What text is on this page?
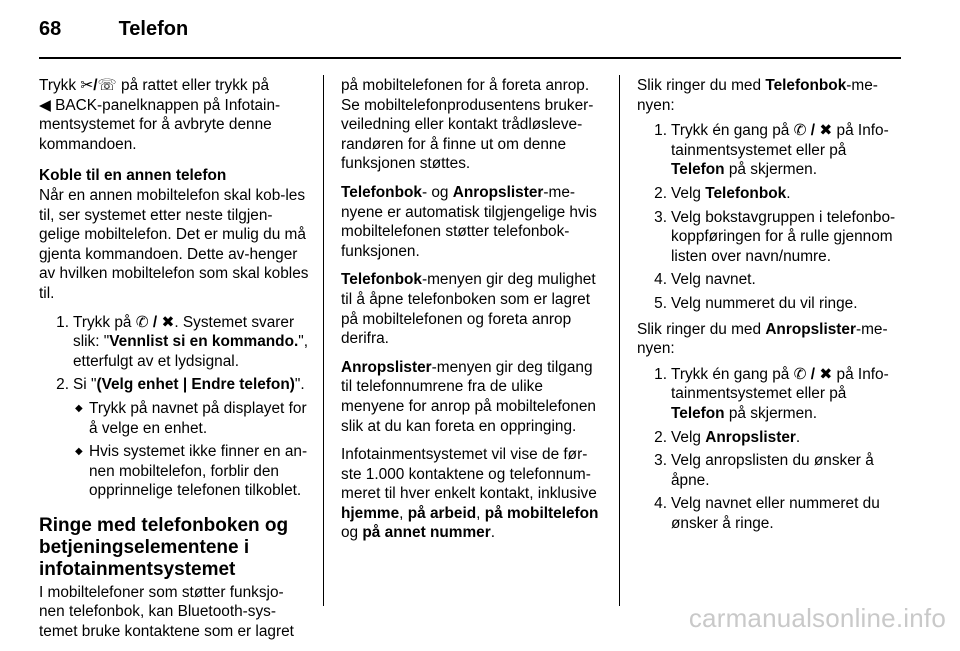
68	Telefon

Trykk ✂/☏ på rattet eller trykk på
◀ BACK-panelknappen på Infotain-mentsystemet for å avbryte denne kommandoen.

Koble til en annen telefon

Når en annen mobiltelefon skal kob-les til, ser systemet etter neste tilgjen-gelige mobiltelefon. Det er mulig du må gjenta kommandoen. Dette av-henger av hvilken mobiltelefon som skal kobles til.

1. Trykk på ✆ / ✖. Systemet svarer slik: "Vennlist si en kommando.", etterfulgt av et lydsignal.
2. Si "(Velg enhet | Endre telefon)".
◆ Trykk på navnet på displayet for å velge en enhet.
◆ Hvis systemet ikke finner en an-nen mobiltelefon, forblir den opprinnelige telefonen tilkoblet.
Ringe med telefonboken og betjeningselementene i infotainmentsystemet

I mobiltelefoner som støtter funksjo-nen telefonbok, kan Bluetooth-sys-temet bruke kontaktene som er lagret

på mobiltelefonen for å foreta anrop. Se mobiltelefonprodusentens bruker-veiledning eller kontakt trådløsleve-randøren for å finne ut om denne funksjonen støttes.

Telefonbok- og Anropslister-me-nyene er automatisk tilgjengelige hvis mobiltelefonen støtter telefonbok-funksjonen.

Telefonbok-menyen gir deg mulighet til å åpne telefonboken som er lagret på mobiltelefonen og foreta anrop derifra.

Anropslister-menyen gir deg tilgang til telefonnumrene fra de ulike menyene for anrop på mobiltelefonen slik at du kan foreta en oppringing.

Infotainmentsystemet vil vise de før-ste 1.000 kontaktene og telefonnum-meret til hver enkelt kontakt, inklusive hjemme, på arbeid, på mobiltelefon og på annet nummer.

Slik ringer du med Telefonbok-me-nyen:

1. Trykk én gang på ✆ / ✖ på Info-tainmentsystemet eller på Telefon på skjermen.
2. Velg Telefonbok.
3. Velg bokstavgruppen i telefonbo-koppføringen for å rulle gjennom listen over navn/numre.
4. Velg navnet.
5. Velg nummeret du vil ringe.

Slik ringer du med Anropslister-me-nyen:

1. Trykk én gang på ✆ / ✖ på Info-tainmentsystemet eller på Telefon på skjermen.
2. Velg Anropslister.
3. Velg anropslisten du ønsker å åpne.
4. Velg navnet eller nummeret du ønsker å ringe.
carmanualsonline.info
